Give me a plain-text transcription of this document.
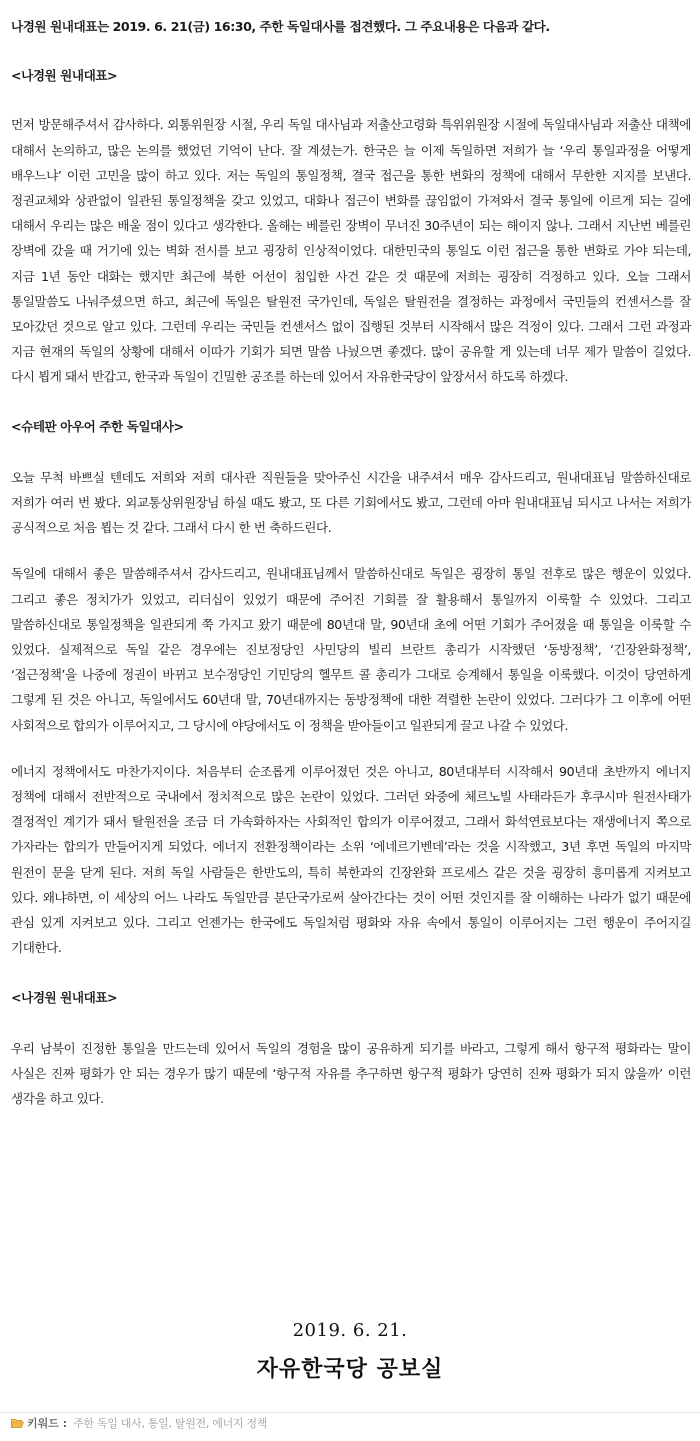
나경원 원내대표는 2019. 6. 21(금) 16:30, 주한 독일대사를 접견했다. 그 주요내용은 다음과 같다.

<나경원 원내대표>

먼저 방문해주셔서 감사하다. 외통위원장 시절, 우리 독일 대사님과 저출산고령화 특위위원장 시절에 독일대사님과 저출산 대책에 대해서 논의하고, 많은 논의를 했었던 기억이 난다. 잘 계셨는가. 한국은 늘 이제 독일하면 저희가 늘 ‘우리 통일과정을 어떻게 배우느냐’ 이런 고민을 많이 하고 있다. 저는 독일의 통일정책, 결국 접근을 통한 변화의 정책에 대해서 무한한 지지를 보낸다. 정권교체와 상관없이 일관된 통일정책을 갖고 있었고, 대화나 접근이 변화를 끊임없이 가져와서 결국 통일에 이르게 되는 길에 대해서 우리는 많은 배울 점이 있다고 생각한다. 올해는 베를린 장벽이 무너진 30주년이 되는 해이지 않나. 그래서 지난번 베를린 장벽에 갔을 때 거기에 있는 벽화 전시를 보고 굉장히 인상적이었다. 대한민국의 통일도 이런 접근을 통한 변화로 가야 되는데, 지금 1년 동안 대화는 했지만 최근에 북한 어선이 침입한 사건 같은 것 때문에 저희는 굉장히 걱정하고 있다. 오늘 그래서 통일말씀도 나눠주셨으면 하고, 최근에 독일은 탈원전 국가인데, 독일은 탈원전을 결정하는 과정에서 국민들의 컨센서스를 잘 모아갔던 것으로 알고 있다. 그런데 우리는 국민들 컨센서스 없이 집행된 것부터 시작해서 많은 걱정이 있다. 그래서 그런 과정과 지금 현재의 독일의 상황에 대해서 이따가 기회가 되면 말씀 나눴으면 좋겠다. 많이 공유할 게 있는데 너무 제가 말씀이 길었다. 다시 뵙게 돼서 반갑고, 한국과 독일이 긴밀한 공조를 하는데 있어서 자유한국당이 앞장서서 하도록 하겠다.

<슈테판 아우어 주한 독일대사>

오늘 무척 바쁘실 텐데도 저희와 저희 대사관 직원들을 맞아주신 시간을 내주셔서 매우 감사드리고, 원내대표님 말씀하신대로 저희가 여러 번 봤다. 외교통상위원장님 하실 때도 봤고, 또 다른 기회에서도 봤고, 그런데 아마 원내대표님 되시고 나서는 저희가 공식적으로 처음 뵙는 것 같다. 그래서 다시 한 번 축하드린다.

독일에 대해서 좋은 말씀해주셔서 감사드리고, 원내대표님께서 말씀하신대로 독일은 굉장히 통일 전후로 많은 행운이 있었다. 그리고 좋은 정치가가 있었고, 리더십이 있었기 때문에 주어진 기회를 잘 활용해서 통일까지 이룩할 수 있었다. 그리고 말씀하신대로 통일정책을 일관되게 쭉 가지고 왔기 때문에 80년대 말, 90년대 초에 어떤 기회가 주어졌을 때 통일을 이룩할 수 있었다. 실제적으로 독일 같은 경우에는 진보정당인 사민당의 빌리 브란트 총리가 시작했던 ‘동방정책’, ‘긴장완화정책’, ‘접근정책’을 나중에 정권이 바뀌고 보수정당인 기민당의 헬무트 콜 총리가 그대로 승계해서 통일을 이룩했다. 이것이 당연하게 그렇게 된 것은 아니고, 독일에서도 60년대 말, 70년대까지는 동방정책에 대한 격렬한 논란이 있었다. 그러다가 그 이후에 어떤 사회적으로 합의가 이루어지고, 그 당시에 야당에서도 이 정책을 받아들이고 일관되게 끌고 나갈 수 있었다.

에너지 정책에서도 마찬가지이다. 처음부터 순조롭게 이루어졌던 것은 아니고, 80년대부터 시작해서 90년대 초반까지 에너지 정책에 대해서 전반적으로 국내에서 정치적으로 많은 논란이 있었다. 그러던 와중에 체르노빌 사태라든가 후쿠시마 원전사태가 결정적인 계기가 돼서 탈원전을 조금 더 가속화하자는 사회적인 합의가 이루어졌고, 그래서 화석연료보다는 재생에너지 쪽으로 가자라는 합의가 만들어지게 되었다. 에너지 전환정책이라는 소위 ‘에네르기벤데’라는 것을 시작했고, 3년 후면 독일의 마지막 원전이 문을 닫게 된다. 저희 독일 사람들은 한반도의, 특히 북한과의 긴장완화 프로세스 같은 것을 굉장히 흥미롭게 지켜보고 있다. 왜냐하면, 이 세상의 어느 나라도 독일만큼 분단국가로써 살아간다는 것이 어떤 것인지를 잘 이해하는 나라가 없기 때문에 관심 있게 지켜보고 있다. 그리고 언젠가는 한국에도 독일처럼 평화와 자유 속에서 통일이 이루어지는 그런 행운이 주어지길 기대한다.

<나경원 원내대표>

우리 남북이 진정한 통일을 만드는데 있어서 독일의 경험을 많이 공유하게 되기를 바라고, 그렇게 해서 항구적 평화라는 말이 사실은 진짜 평화가 안 되는 경우가 많기 때문에 ‘항구적 자유를 추구하면 항구적 평화가 당연히 진짜 평화가 되지 않을까’ 이런 생각을 하고 있다.

2019. 6. 21.
자유한국당 공보실
키워드 : 주한 독일 대사, 통일, 탈원전, 에너지 정책
